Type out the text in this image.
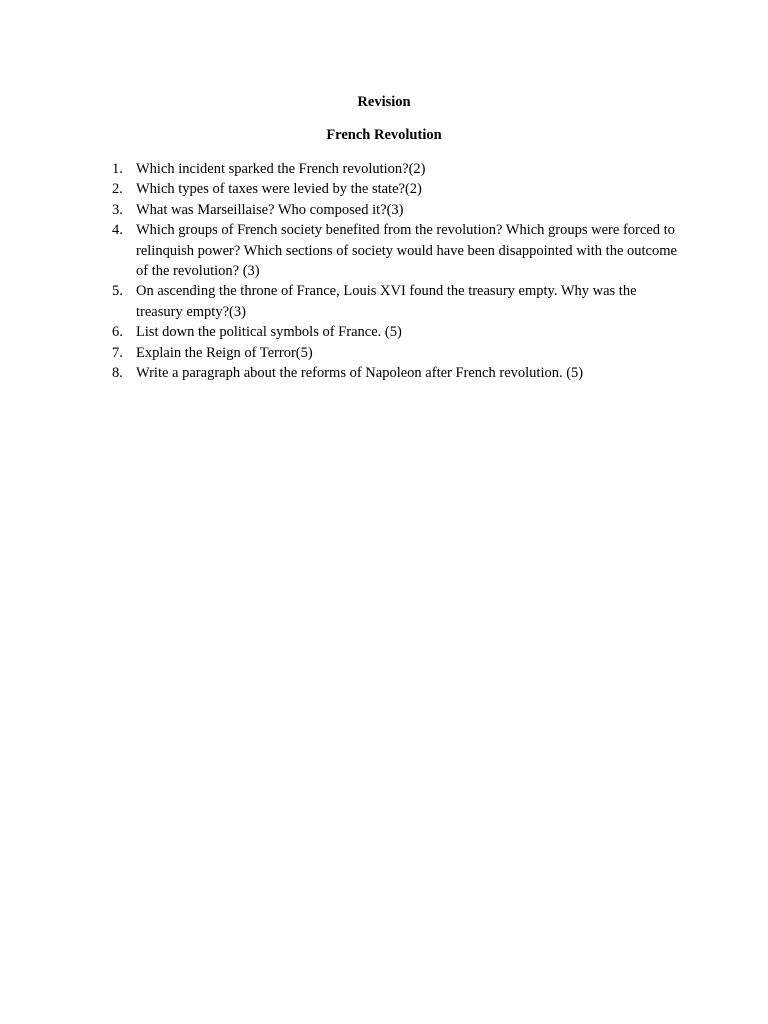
Revision
French Revolution
1. Which incident sparked the French revolution?(2)
2. Which types of taxes were levied by the state?(2)
3. What was Marseillaise? Who composed it?(3)
4. Which groups of French society benefited from the revolution? Which groups were forced to relinquish power? Which sections of society would have been disappointed with the outcome of the revolution? (3)
5. On ascending the throne of France, Louis XVI found the treasury empty. Why was the treasury empty?(3)
6. List down the political symbols of France. (5)
7. Explain the Reign of Terror(5)
8. Write a paragraph about the reforms of Napoleon after French revolution. (5)
